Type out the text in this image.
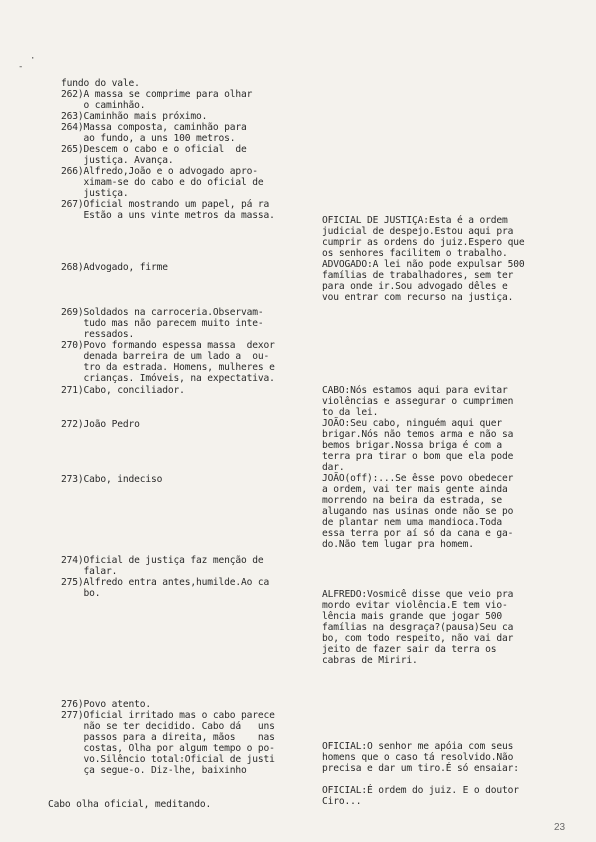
-
·
fundo do vale.
262)A massa se comprime para olhar
o caminhão.
263)Caminhão mais próximo.
264)Massa composta, caminhão para
ao fundo, a uns 100 metros.
265)Descem o cabo e o oficial  de
justiça. Avança.
266)Alfredo,João e o advogado apro-
ximam-se do cabo e do oficial de
justiça.
267)Oficial mostrando um papel, pá ra
Estão a uns vinte metros da massa.
268)Advogado, firme
269)Soldados na carroceria.Observam-
tudo mas não parecem muito inte-
ressados.
270)Povo formando espessa massa  dexor
denada barreira de um lado a  ou-
tro da estrada. Homens, mulheres e
crianças. Imóveis, na expectativa.
271)Cabo, conciliador.
272)João Pedro
273)Cabo, indeciso
274)Oficial de justiça faz menção de
falar.
275)Alfredo entra antes,humilde.Ao ca
bo.
276)Povo atento.
277)Oficial irritado mas o cabo parece
não se ter decidido. Cabo dá   uns
passos para a direita, mãos    nas
costas, Olha por algum tempo o po-
vo.Silêncio total:Oficial de justi
ça segue-o. Diz-lhe, baixinho
Cabo olha oficial, meditando.
OFICIAL DE JUSTIÇA:Esta é a ordem
judicial de despejo.Estou aqui pra
cumprir as ordens do juiz.Espero que
os senhores facilitem o trabalho.
ADVOGADO:A lei não pode expulsar 500
famílias de trabalhadores, sem ter
para onde ir.Sou advogado dêles e
vou entrar com recurso na justiça.
CABO:Nós estamos aqui para evitar
violências e assegurar o cumprimen
to da lei.
JOÃO:Seu cabo, ninguém aqui quer
brigar.Nós não temos arma e não sa
bemos brigar.Nossa briga é com a
terra pra tirar o bom que ela pode
dar.
JOÃO(off):...Se êsse povo obedecer
a ordem, vai ter mais gente ainda
morrendo na beira da estrada, se
alugando nas usinas onde não se po
de plantar nem uma mandioca.Toda
essa terra por aí só da cana e ga-
do.Não tem lugar pra homem.
ALFREDO:Vosmicê disse que veio pra
mordo evitar violência.E tem vio-
lência mais grande que jogar 500
famílias na desgraça?(pausa)Seu ca
bo, com todo respeito, não vai dar
jeito de fazer sair da terra os
cabras de Miriri.
OFICIAL:O senhor me apóia com seus
homens que o caso tá resolvido.Não
precisa e dar um tiro.É só ensaiar:
OFICIAL:É ordem do juiz. E o doutor
Ciro...
23
